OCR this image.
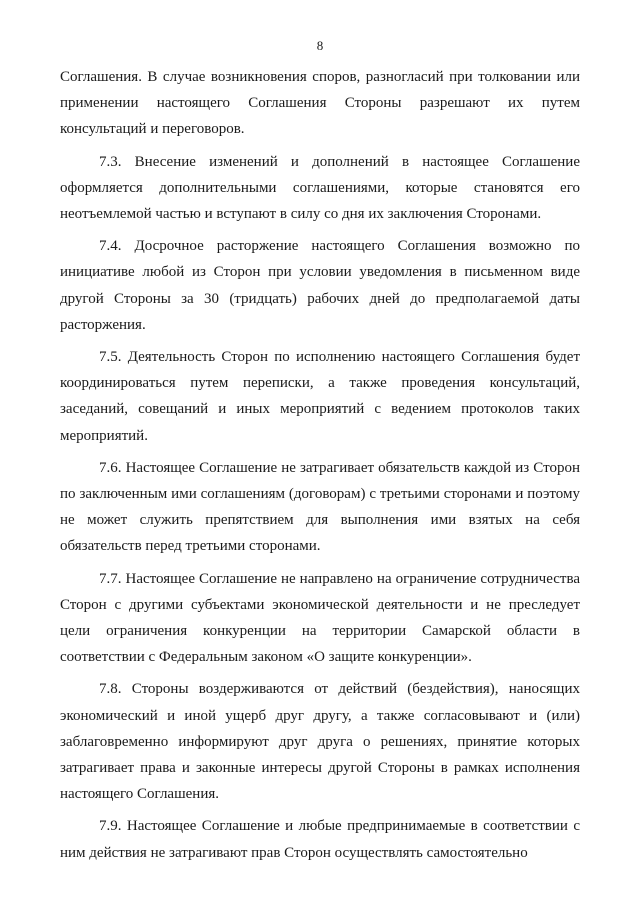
8

Соглашения. В случае возникновения споров, разногласий при толковании или применении настоящего Соглашения Стороны разрешают их путем консультаций и переговоров.

7.3. Внесение изменений и дополнений в настоящее Соглашение оформляется дополнительными соглашениями, которые становятся его неотъемлемой частью и вступают в силу со дня их заключения Сторонами.

7.4. Досрочное расторжение настоящего Соглашения возможно по инициативе любой из Сторон при условии уведомления в письменном виде другой Стороны за 30 (тридцать) рабочих дней до предполагаемой даты расторжения.

7.5. Деятельность Сторон по исполнению настоящего Соглашения будет координироваться путем переписки, а также проведения консультаций, заседаний, совещаний и иных мероприятий с ведением протоколов таких мероприятий.

7.6. Настоящее Соглашение не затрагивает обязательств каждой из Сторон по заключенным ими соглашениям (договорам) с третьими сторонами и поэтому не может служить препятствием для выполнения ими взятых на себя обязательств перед третьими сторонами.

7.7. Настоящее Соглашение не направлено на ограничение сотрудничества Сторон с другими субъектами экономической деятельности и не преследует цели ограничения конкуренции на территории Самарской области в соответствии с Федеральным законом «О защите конкуренции».

7.8. Стороны воздерживаются от действий (бездействия), наносящих экономический и иной ущерб друг другу, а также согласовывают и (или) заблаговременно информируют друг друга о решениях, принятие которых затрагивает права и законные интересы другой Стороны в рамках исполнения настоящего Соглашения.

7.9. Настоящее Соглашение и любые предпринимаемые в соответствии с ним действия не затрагивают прав Сторон осуществлять самостоятельно
